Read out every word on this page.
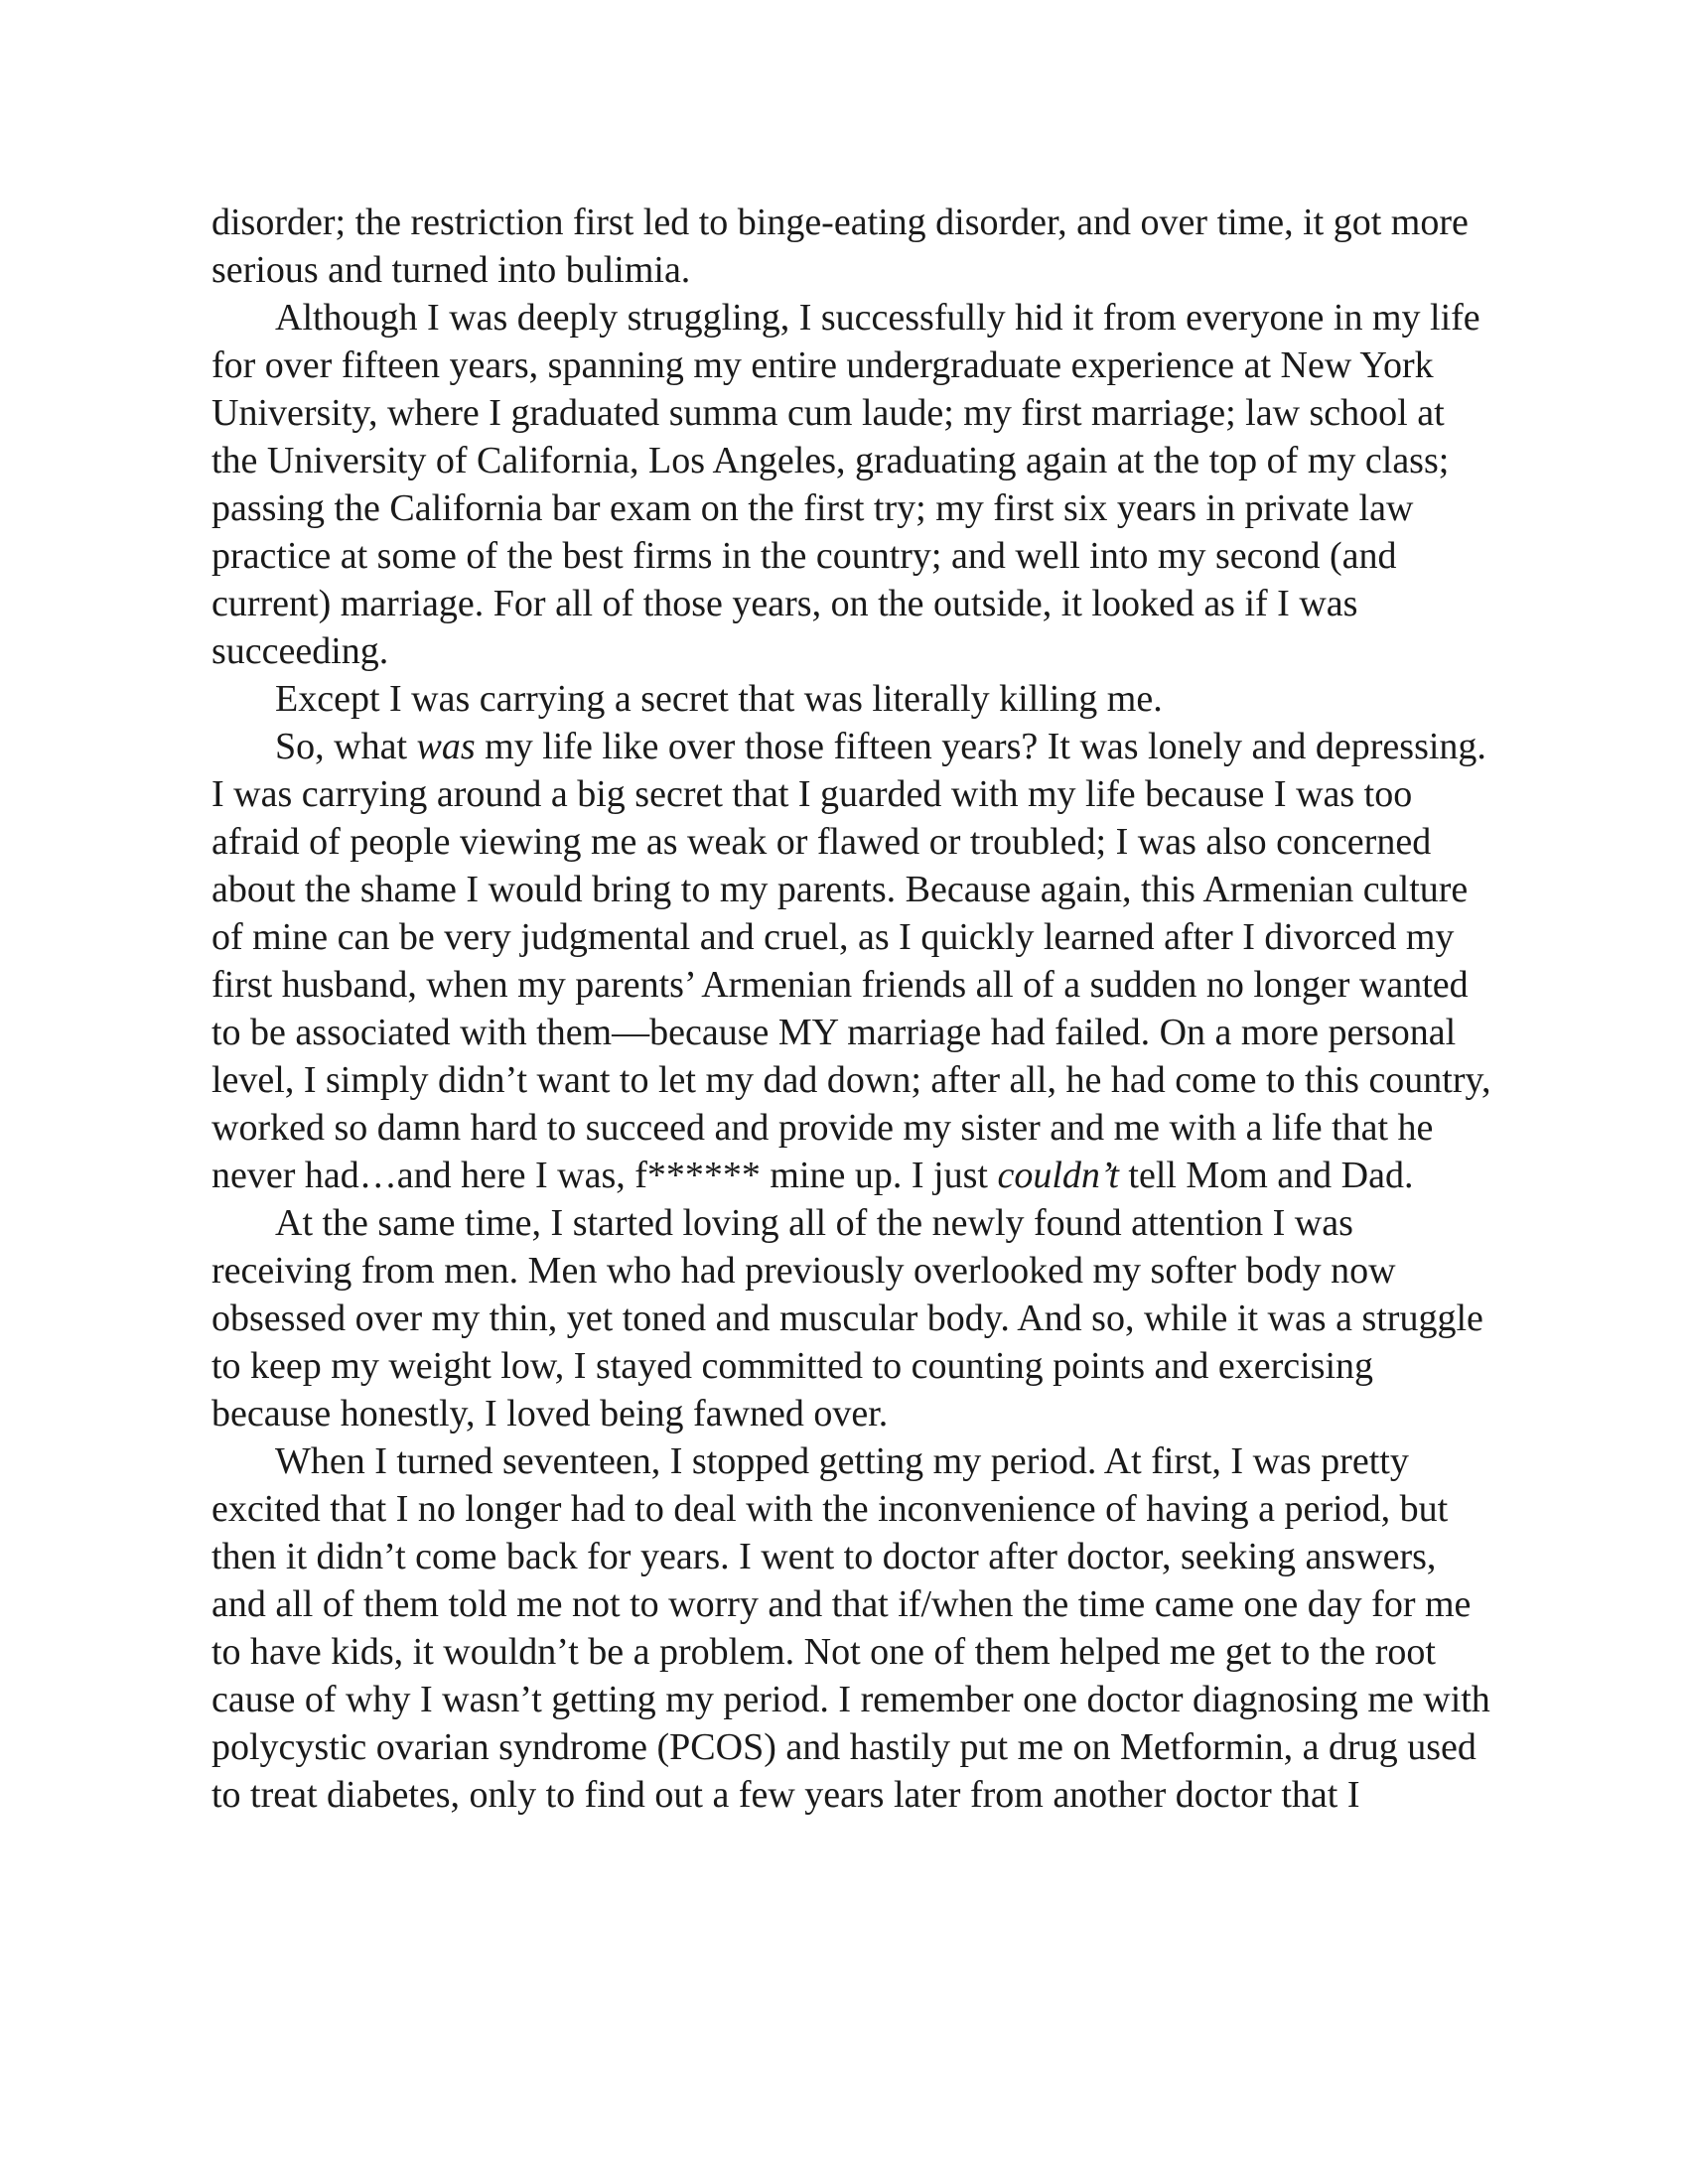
disorder; the restriction first led to binge-eating disorder, and over time, it got more serious and turned into bulimia.

Although I was deeply struggling, I successfully hid it from everyone in my life for over fifteen years, spanning my entire undergraduate experience at New York University, where I graduated summa cum laude; my first marriage; law school at the University of California, Los Angeles, graduating again at the top of my class; passing the California bar exam on the first try; my first six years in private law practice at some of the best firms in the country; and well into my second (and current) marriage. For all of those years, on the outside, it looked as if I was succeeding.

Except I was carrying a secret that was literally killing me.

So, what was my life like over those fifteen years? It was lonely and depressing. I was carrying around a big secret that I guarded with my life because I was too afraid of people viewing me as weak or flawed or troubled; I was also concerned about the shame I would bring to my parents. Because again, this Armenian culture of mine can be very judgmental and cruel, as I quickly learned after I divorced my first husband, when my parents’ Armenian friends all of a sudden no longer wanted to be associated with them—because MY marriage had failed. On a more personal level, I simply didn’t want to let my dad down; after all, he had come to this country, worked so damn hard to succeed and provide my sister and me with a life that he never had…and here I was, f****** mine up. I just couldn’t tell Mom and Dad.

At the same time, I started loving all of the newly found attention I was receiving from men. Men who had previously overlooked my softer body now obsessed over my thin, yet toned and muscular body. And so, while it was a struggle to keep my weight low, I stayed committed to counting points and exercising because honestly, I loved being fawned over.

When I turned seventeen, I stopped getting my period. At first, I was pretty excited that I no longer had to deal with the inconvenience of having a period, but then it didn’t come back for years. I went to doctor after doctor, seeking answers, and all of them told me not to worry and that if/when the time came one day for me to have kids, it wouldn’t be a problem. Not one of them helped me get to the root cause of why I wasn’t getting my period. I remember one doctor diagnosing me with polycystic ovarian syndrome (PCOS) and hastily put me on Metformin, a drug used to treat diabetes, only to find out a few years later from another doctor that I
